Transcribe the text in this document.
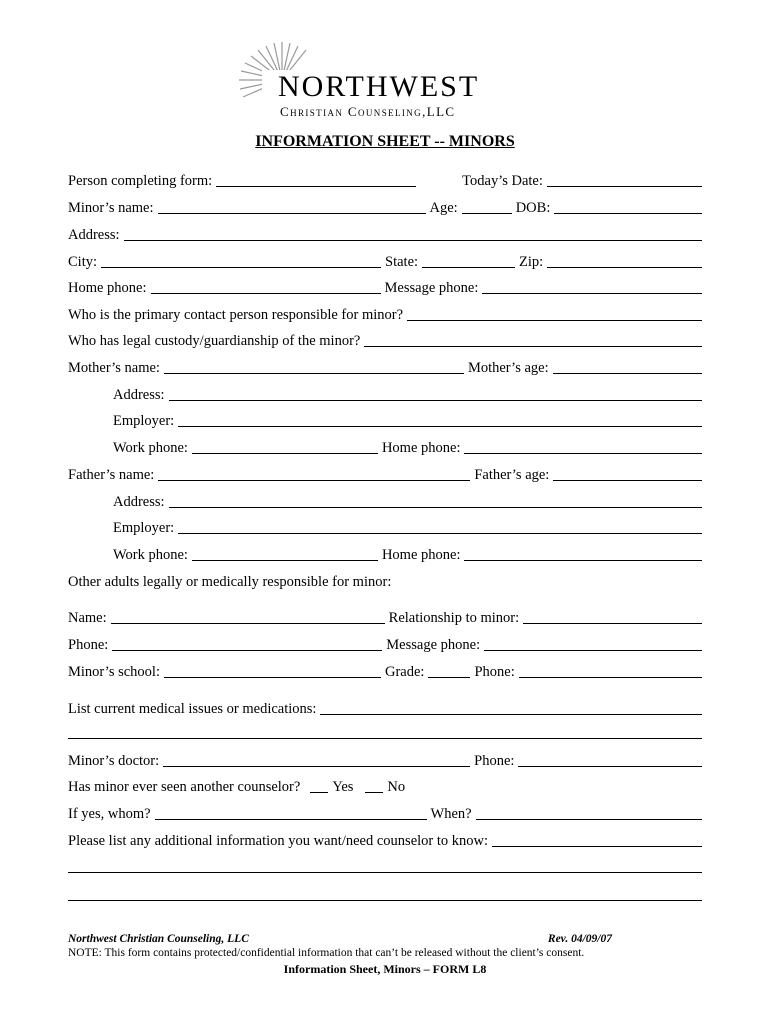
NORTHWEST
Christian Counseling,LLC
INFORMATION SHEET -- MINORS
Person completing form:	Today’s Date:
Minor’s name:	Age:	DOB:
Address:
City:	State:	Zip:
Home phone:	Message phone:
Who is the primary contact person responsible for minor?
Who has legal custody/guardianship of the minor?
Mother’s name:	Mother’s age:
Address:
Employer:
Work phone:	Home phone:
Father’s name:	Father’s age:
Address:
Employer:
Work phone:	Home phone:
Other adults legally or medically responsible for minor:
Name:	Relationship to minor:
Phone:	Message phone:
Minor’s school:	Grade:	Phone:
List current medical issues or medications:
Minor’s doctor:	Phone:
Has minor ever seen another counselor? Yes No
If yes, whom?	When?
Please list any additional information you want/need counselor to know:
Northwest Christian Counseling, LLC	Rev. 04/09/07
NOTE: This form contains protected/confidential information that can’t be released without the client’s consent.
Information Sheet, Minors – FORM L8
